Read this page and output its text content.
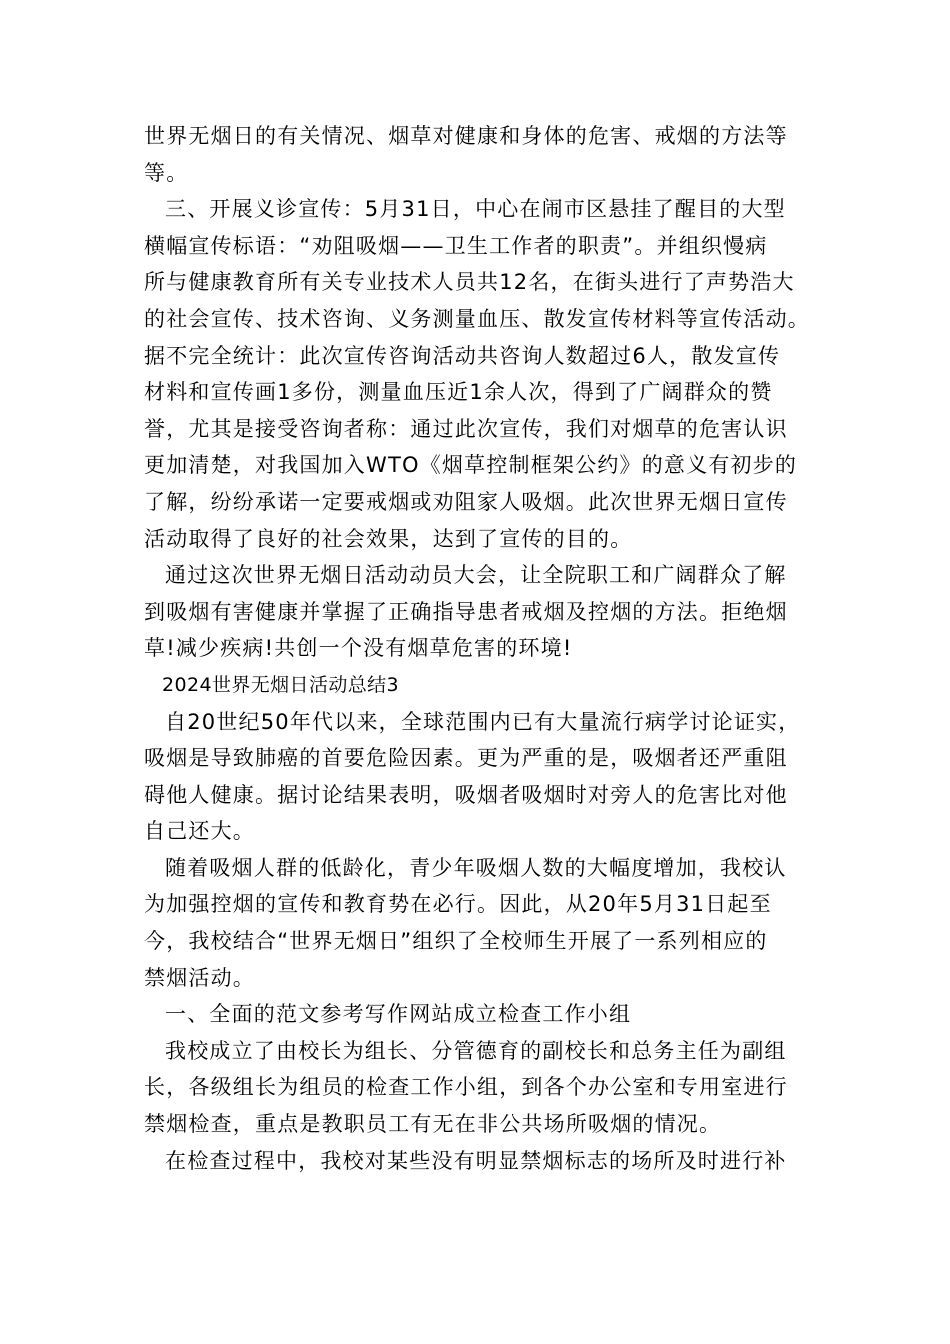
世界无烟日的有关情况、烟草对健康和身体的危害、戒烟的方法等
等。
三、开展义诊宣传：5月31日，中心在闹市区悬挂了醒目的大型
横幅宣传标语：“劝阻吸烟——卫生工作者的职责”。并组织慢病
所与健康教育所有关专业技术人员共12名，在街头进行了声势浩大
的社会宣传、技术咨询、义务测量血压、散发宣传材料等宣传活动。
据不完全统计：此次宣传咨询活动共咨询人数超过6人，散发宣传
材料和宣传画1多份，测量血压近1余人次，得到了广阔群众的赞
誉，尤其是接受咨询者称：通过此次宣传，我们对烟草的危害认识
更加清楚，对我国加入WTO《烟草控制框架公约》的意义有初步的
了解，纷纷承诺一定要戒烟或劝阻家人吸烟。此次世界无烟日宣传
活动取得了良好的社会效果，达到了宣传的目的。
通过这次世界无烟日活动动员大会，让全院职工和广阔群众了解
到吸烟有害健康并掌握了正确指导患者戒烟及控烟的方法。拒绝烟
草!减少疾病!共创一个没有烟草危害的环境!
2024世界无烟日活动总结3
自20世纪50年代以来，全球范围内已有大量流行病学讨论证实，
吸烟是导致肺癌的首要危险因素。更为严重的是，吸烟者还严重阻
碍他人健康。据讨论结果表明，吸烟者吸烟时对旁人的危害比对他
自己还大。
随着吸烟人群的低龄化，青少年吸烟人数的大幅度增加，我校认
为加强控烟的宣传和教育势在必行。因此，从20年5月31日起至
今，我校结合“世界无烟日”组织了全校师生开展了一系列相应的
禁烟活动。
一、全面的范文参考写作网站成立检查工作小组
我校成立了由校长为组长、分管德育的副校长和总务主任为副组
长，各级组长为组员的检查工作小组，到各个办公室和专用室进行
禁烟检查，重点是教职员工有无在非公共场所吸烟的情况。
在检查过程中，我校对某些没有明显禁烟标志的场所及时进行补
